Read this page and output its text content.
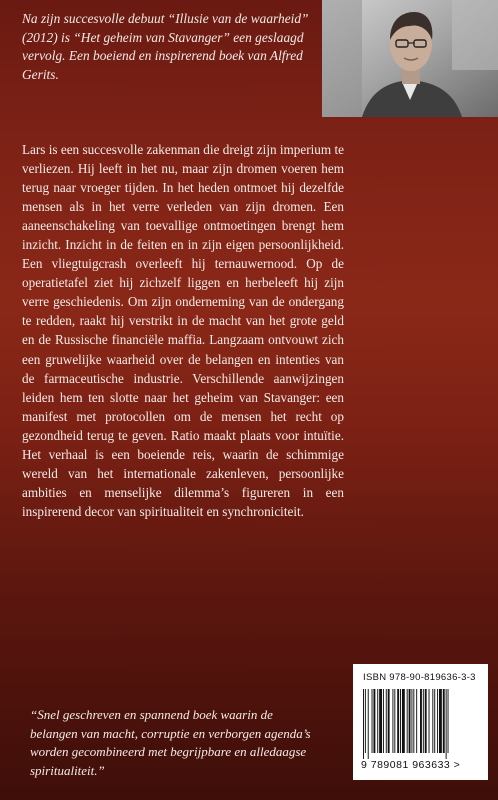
Na zijn succesvolle debuut “Illusie van de waarheid” (2012) is “Het geheim van Stavanger” een geslaagd vervolg. Een boeiend en inspirerend boek van Alfred Gerits.

Lars is een succesvolle zakenman die dreigt zijn imperium te verliezen. Hij leeft in het nu, maar zijn dromen voeren hem terug naar vroeger tijden. In het heden ontmoet hij dezelfde mensen als in het verre verleden van zijn dromen. Een aaneenschakeling van toevallige ontmoetingen brengt hem inzicht. Inzicht in de feiten en in zijn eigen persoonlijkheid. Een vliegtuigcrash overleeft hij ternauwernood. Op de operatietafel ziet hij zichzelf liggen en herbeleeft hij zijn verre geschiedenis. Om zijn onderneming van de ondergang te redden, raakt hij verstrikt in de macht van het grote geld en de Russische financiële maffia. Langzaam ontvouwt zich een gruwelijke waarheid over de belangen en intenties van de farmaceutische industrie. Verschillende aanwijzingen leiden hem ten slotte naar het geheim van Stavanger: een manifest met protocollen om de mensen het recht op gezondheid terug te geven. Ratio maakt plaats voor intuïtie. Het verhaal is een boeiende reis, waarin de schimmige wereld van het internationale zakenleven, persoonlijke ambities en menselijke dilemma’s figureren in een inspirerend decor van spiritualiteit en synchroniciteit.

“Snel geschreven en spannend boek waarin de belangen van macht, corruptie en verborgen agenda’s worden gecombineerd met begrijpbare en alledaagse spiritualiteit.”

ISBN 978-90-819636-3-3

9 789081 963633 >
